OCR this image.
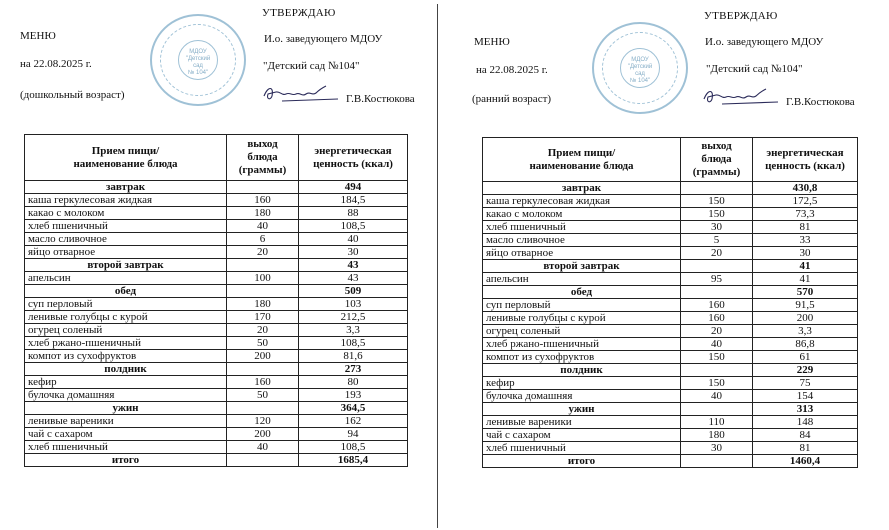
МДОУ
"Детский
сад
№ 104"
УТВЕРЖДАЮ
И.о. заведующего МДОУ
"Детский сад №104"
Г.В.Костюкова
МЕНЮ
на 22.08.2025 г.
(дошкольный возраст)
Прием пищи/
наименование блюда	выход
блюда
(граммы)	энергетическая
ценность (ккал)
завтрак		494
каша геркулесовая жидкая	160	184,5
какао с молоком	180	88
хлеб пшеничный	40	108,5
масло сливочное	6	40
яйцо отварное	20	30
второй завтрак		43
апельсин	100	43
обед		509
суп перловый	180	103
ленивые голубцы с курой	170	212,5
огурец соленый	20	3,3
хлеб ржано-пшеничный	50	108,5
компот из сухофруктов	200	81,6
полдник		273
кефир	160	80
булочка домашняя	50	193
ужин		364,5
ленивые вареники	120	162
чай с сахаром	200	94
хлеб пшеничный	40	108,5
итого		1685,4
МДОУ
"Детский
сад
№ 104"
УТВЕРЖДАЮ
И.о. заведующего МДОУ
"Детский сад №104"
Г.В.Костюкова
МЕНЮ
на 22.08.2025 г.
(ранний возраст)
Прием пищи/
наименование блюда	выход
блюда
(граммы)	энергетическая
ценность (ккал)
завтрак		430,8
каша геркулесовая жидкая	150	172,5
какао с молоком	150	73,3
хлеб пшеничный	30	81
масло сливочное	5	33
яйцо отварное	20	30
второй завтрак		41
апельсин	95	41
обед		570
суп перловый	160	91,5
ленивые голубцы с курой	160	200
огурец соленый	20	3,3
хлеб ржано-пшеничный	40	86,8
компот из сухофруктов	150	61
полдник		229
кефир	150	75
булочка домашняя	40	154
ужин		313
ленивые вареники	110	148
чай с сахаром	180	84
хлеб пшеничный	30	81
итого		1460,4
